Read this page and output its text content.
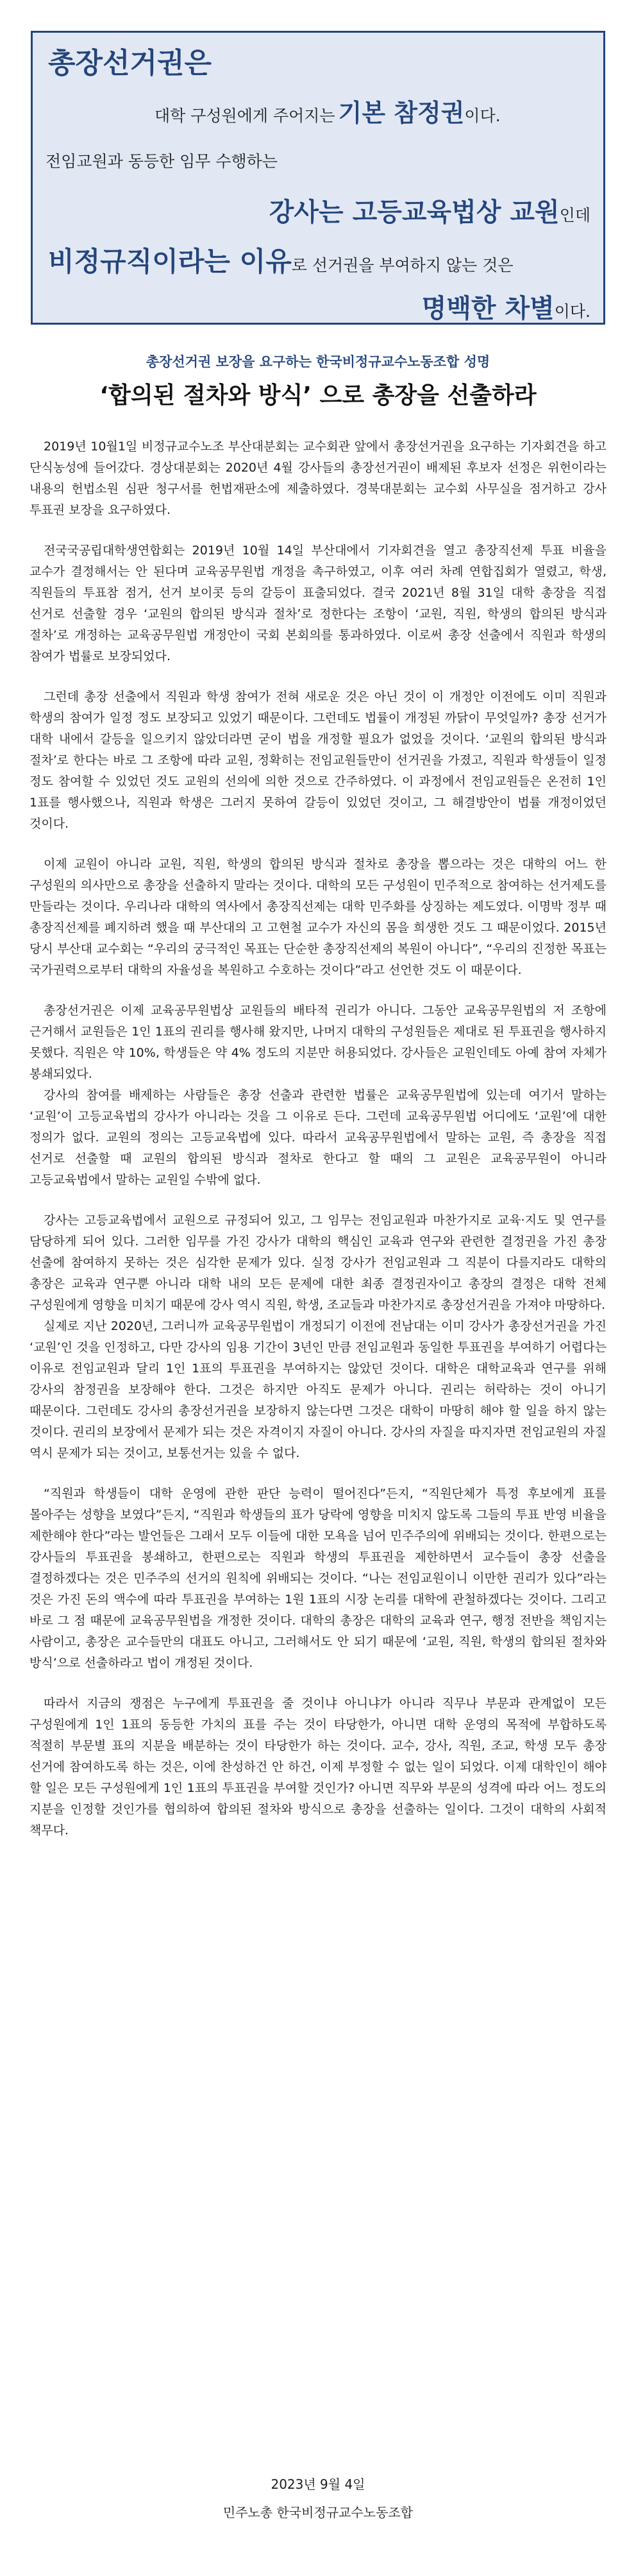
총장선거권은
대학 구성원에게 주어지는 기본 참정권이다.
전임교원과 동등한 임무 수행하는
강사는 고등교육법상 교원인데
비정규직이라는 이유로 선거권을 부여하지 않는 것은
명백한 차별이다.
총장선거권 보장을 요구하는 한국비정규교수노동조합 성명
‘합의된 절차와 방식’ 으로 총장을 선출하라

2019년 10월1일 비정규교수노조 부산대분회는 교수회관 앞에서 총장선거권을 요구하는 기자회견을 하고 단식농성에 들어갔다. 경상대분회는 2020년 4월 강사들의 총장선거권이 배제된 후보자 선정은 위헌이라는 내용의 헌법소원 심판 청구서를 헌법재판소에 제출하였다. 경북대분회는 교수회 사무실을 점거하고 강사 투표권 보장을 요구하였다.

전국국공립대학생연합회는 2019년 10월 14일 부산대에서 기자회견을 열고 총장직선제 투표 비율을 교수가 결정해서는 안 된다며 교육공무원법 개정을 촉구하였고, 이후 여러 차례 연합집회가 열렸고, 학생, 직원들의 투표참 점거, 선거 보이콧 등의 갈등이 표출되었다. 결국 2021년 8월 31일 대학 총장을 직접 선거로 선출할 경우 ‘교원의 합의된 방식과 절차’로 정한다는 조항이 ‘교원, 직원, 학생의 합의된 방식과 절차’로 개정하는 교육공무원법 개정안이 국회 본회의를 통과하였다. 이로써 총장 선출에서 직원과 학생의 참여가 법률로 보장되었다.

그런데 총장 선출에서 직원과 학생 참여가 전혀 새로운 것은 아닌 것이 이 개정안 이전에도 이미 직원과 학생의 참여가 일정 정도 보장되고 있었기 때문이다. 그런데도 법률이 개정된 까닭이 무엇일까? 총장 선거가 대학 내에서 갈등을 일으키지 않았더라면 굳이 법을 개정할 필요가 없었을 것이다. ‘교원의 합의된 방식과 절차’로 한다는 바로 그 조항에 따라 교원, 정확히는 전임교원들만이 선거권을 가졌고, 직원과 학생들이 일정 정도 참여할 수 있었던 것도 교원의 선의에 의한 것으로 간주하였다. 이 과정에서 전임교원들은 온전히 1인 1표를 행사했으나, 직원과 학생은 그러지 못하여 갈등이 있었던 것이고, 그 해결방안이 법률 개정이었던 것이다.

이제 교원이 아니라 교원, 직원, 학생의 합의된 방식과 절차로 총장을 뽑으라는 것은 대학의 어느 한 구성원의 의사만으로 총장을 선출하지 말라는 것이다. 대학의 모든 구성원이 민주적으로 참여하는 선거제도를 만들라는 것이다. 우리나라 대학의 역사에서 총장직선제는 대학 민주화를 상징하는 제도였다. 이명박 정부 때 총장직선제를 폐지하려 했을 때 부산대의 고 고현철 교수가 자신의 몸을 희생한 것도 그 때문이었다. 2015년 당시 부산대 교수회는 “우리의 궁극적인 목표는 단순한 총장직선제의 복원이 아니다”, “우리의 진정한 목표는 국가권력으로부터 대학의 자율성을 복원하고 수호하는 것이다”라고 선언한 것도 이 때문이다.

총장선거권은 이제 교육공무원법상 교원들의 배타적 권리가 아니다. 그동안 교육공무원법의 저 조항에 근거해서 교원들은 1인 1표의 권리를 행사해 왔지만, 나머지 대학의 구성원들은 제대로 된 투표권을 행사하지 못했다. 직원은 약 10%, 학생들은 약 4% 정도의 지분만 허용되었다. 강사들은 교원인데도 아예 참여 자체가 봉쇄되었다.

강사의 참여를 배제하는 사람들은 총장 선출과 관련한 법률은 교육공무원법에 있는데 여기서 말하는 ‘교원’이 고등교육법의 강사가 아니라는 것을 그 이유로 든다. 그런데 교육공무원법 어디에도 ‘교원’에 대한 정의가 없다. 교원의 정의는 고등교육법에 있다. 따라서 교육공무원법에서 말하는 교원, 즉 총장을 직접 선거로 선출할 때 교원의 합의된 방식과 절차로 한다고 할 때의 그 교원은 교육공무원이 아니라 고등교육법에서 말하는 교원일 수밖에 없다.

강사는 고등교육법에서 교원으로 규정되어 있고, 그 임무는 전임교원과 마찬가지로 교육·지도 및 연구를 담당하게 되어 있다. 그러한 임무를 가진 강사가 대학의 핵심인 교육과 연구와 관련한 결정권을 가진 총장 선출에 참여하지 못하는 것은 심각한 문제가 있다. 실정 강사가 전임교원과 그 직분이 다를지라도 대학의 총장은 교육과 연구뿐 아니라 대학 내의 모든 문제에 대한 최종 결정권자이고 총장의 결정은 대학 전체 구성원에게 영향을 미치기 때문에 강사 역시 직원, 학생, 조교들과 마찬가지로 총장선거권을 가져야 마땅하다.

실제로 지난 2020년, 그러니까 교육공무원법이 개정되기 이전에 전남대는 이미 강사가 총장선거권을 가진 ‘교원’인 것을 인정하고, 다만 강사의 임용 기간이 3년인 만큼 전임교원과 동일한 투표권을 부여하기 어렵다는 이유로 전임교원과 달리 1인 1표의 투표권을 부여하지는 않았던 것이다. 대학은 대학교육과 연구를 위해 강사의 참정권을 보장해야 한다. 그것은 하지만 아직도 문제가 아니다. 권리는 허락하는 것이 아니기 때문이다. 그런데도 강사의 총장선거권을 보장하지 않는다면 그것은 대학이 마땅히 해야 할 일을 하지 않는 것이다. 권리의 보장에서 문제가 되는 것은 자격이지 자질이 아니다. 강사의 자질을 따지자면 전임교원의 자질 역시 문제가 되는 것이고, 보통선거는 있을 수 없다.

“직원과 학생들이 대학 운영에 관한 판단 능력이 떨어진다”든지, “직원단체가 특정 후보에게 표를 몰아주는 성향을 보였다”든지, “직원과 학생들의 표가 당락에 영향을 미치지 않도록 그들의 투표 반영 비율을 제한해야 한다”라는 발언들은 그래서 모두 이들에 대한 모욕을 넘어 민주주의에 위배되는 것이다. 한편으로는 강사들의 투표권을 봉쇄하고, 한편으로는 직원과 학생의 투표권을 제한하면서 교수들이 총장 선출을 결정하겠다는 것은 민주주의 선거의 원칙에 위배되는 것이다. “나는 전임교원이니 이만한 권리가 있다”라는 것은 가진 돈의 액수에 따라 투표권을 부여하는 1원 1표의 시장 논리를 대학에 관철하겠다는 것이다. 그리고 바로 그 점 때문에 교육공무원법을 개정한 것이다. 대학의 총장은 대학의 교육과 연구, 행정 전반을 책임지는 사람이고, 총장은 교수들만의 대표도 아니고, 그러해서도 안 되기 때문에 ‘교원, 직원, 학생의 합의된 절차와 방식’으로 선출하라고 법이 개정된 것이다.

따라서 지금의 쟁점은 누구에게 투표권을 줄 것이냐 아니냐가 아니라 직무나 부문과 관계없이 모든 구성원에게 1인 1표의 동등한 가치의 표를 주는 것이 타당한가, 아니면 대학 운영의 목적에 부합하도록 적절히 부문별 표의 지분을 배분하는 것이 타당한가 하는 것이다. 교수, 강사, 직원, 조교, 학생 모두 총장 선거에 참여하도록 하는 것은, 이에 찬성하건 안 하건, 이제 부정할 수 없는 일이 되었다. 이제 대학인이 해야 할 일은 모든 구성원에게 1인 1표의 투표권을 부여할 것인가? 아니면 직무와 부문의 성격에 따라 어느 정도의 지분을 인정할 것인가를 협의하여 합의된 절차와 방식으로 총장을 선출하는 일이다. 그것이 대학의 사회적 책무다.

2023년 9월 4일
민주노총 한국비정규교수노동조합
